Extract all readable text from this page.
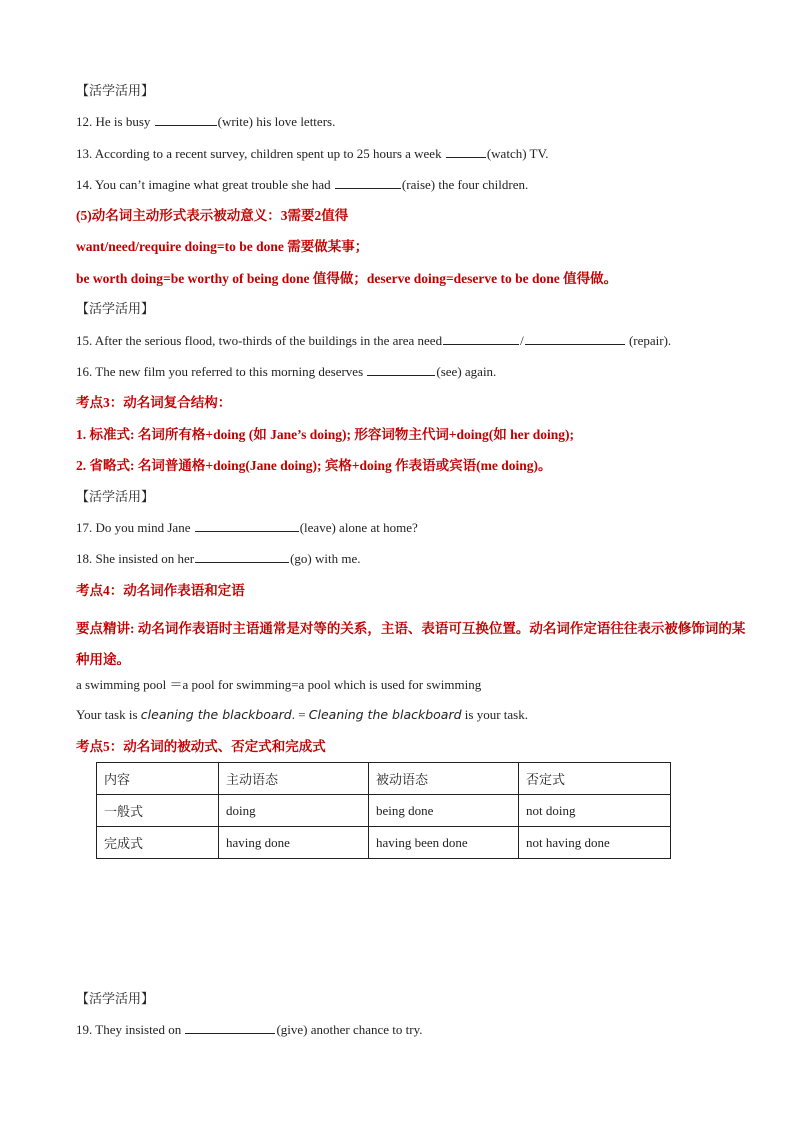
【活学活用】
12. He is busy	(write) his love letters.
13. According to a recent survey, children spent up to 25 hours a week	(watch) TV.
14. You can’t imagine what great trouble she had	(raise) the four children.
(5)动名词主动形式表示被动意义：3需要2值得
want/need/require doing=to be done 需要做某事；
be worth doing=be worthy of being done 值得做；deserve doing=deserve to be done 值得做。
【活学活用】
15. After the serious flood, two-thirds of the buildings in the area need	/	(repair).
16. The new film you referred to this morning deserves	(see) again.
考点3：动名词复合结构：
1. 标准式: 名词所有格+doing (如 Jane’s doing); 形容词物主代词+doing(如 her doing);
2. 省略式: 名词普通格+doing(Jane doing); 宾格+doing 作表语或宾语(me doing)。
【活学活用】
17. Do you mind Jane	(leave) alone at home?
18. She insisted on her	(go) with me.
考点4：动名词作表语和定语
要点精讲: 动名词作表语时主语通常是对等的关系，主语、表语可互换位置。动名词作定语往往表示被修饰词的某种用途。
a swimming pool ＝a pool for swimming=a pool which is used for swimming
Your task is cleaning the blackboard. = Cleaning the blackboard is your task.
考点5：动名词的被动式、否定式和完成式
内容	主动语态	被动语态	否定式
一般式	doing	being done	not doing
完成式	having done	having been done	not having done
【活学活用】
19. They insisted on	(give) another chance to try.
